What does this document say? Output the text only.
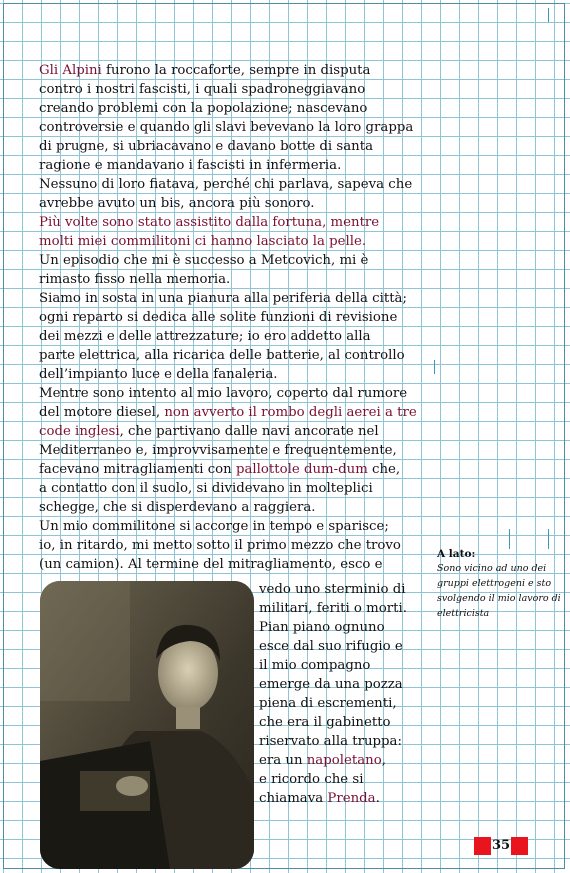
Gli Alpini furono la roccaforte, sempre in disputa
contro i nostri fascisti, i quali spadroneggiavano
creando problemi con la popolazione; nascevano
controversie e quando gli slavi bevevano la loro grappa
di prugne, si ubriacavano e davano botte di santa
ragione e mandavano i fascisti in infermeria.
Nessuno di loro fiatava, perché chi parlava, sapeva che
avrebbe avuto un bis, ancora più sonoro.
Più volte sono stato assistito dalla fortuna, mentre
molti miei commilitoni ci hanno lasciato la pelle.
Un episodio che mi è successo a Metcovich, mi è
rimasto fisso nella memoria.
Siamo in sosta in una pianura alla periferia della città;
ogni reparto si dedica alle solite funzioni di revisione
dei mezzi e delle attrezzature; io ero addetto alla
parte elettrica, alla ricarica delle batterie, al controllo
dell’impianto luce e della fanaleria.
Mentre sono intento al mio lavoro, coperto dal rumore
del motore diesel, non avverto il rombo degli aerei a tre
code inglesi, che partivano dalle navi ancorate nel
Mediterraneo e, improvvisamente e frequentemente,
facevano mitragliamenti con pallottole dum-dum che,
a contatto con il suolo, si dividevano in molteplici
schegge, che si disperdevano a raggiera.
Un mio commilitone si accorge in tempo e sparisce;
io, in ritardo, mi metto sotto il primo mezzo che trovo
(un camion). Al termine del mitragliamento, esco e
vedo uno sterminio di
militari, feriti o morti.
Pian piano ognuno
esce dal suo rifugio e
il mio compagno
emerge da una pozza
piena di escrementi,
che era il gabinetto
riservato alla truppa:
era un napoletano,
e ricordo che si
chiamava Prenda.
A lato:
Sono vicino ad uno dei
gruppi elettrogeni e sto
svolgendo il mio lavoro di
elettricista
35
